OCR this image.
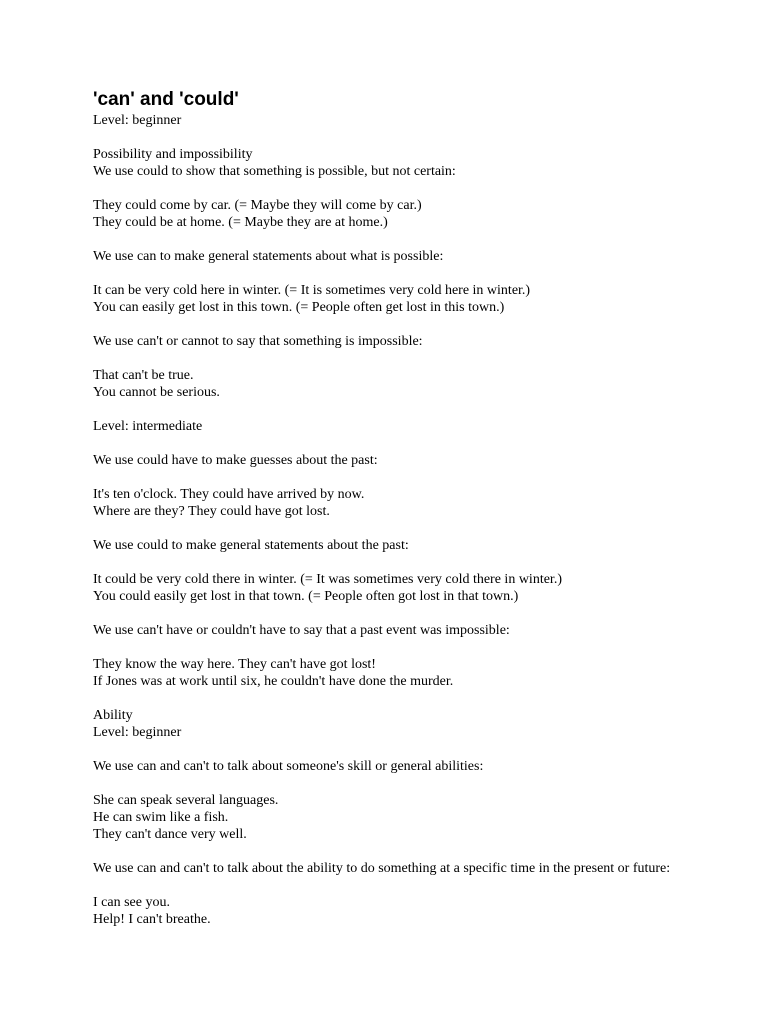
'can' and 'could'
Level: beginner
Possibility and impossibility
We use could to show that something is possible, but not certain:
They could come by car. (= Maybe they will come by car.)
They could be at home. (= Maybe they are at home.)
We use can to make general statements about what is possible:
It can be very cold here in winter. (= It is sometimes very cold here in winter.)
You can easily get lost in this town. (= People often get lost in this town.)
We use can't or cannot to say that something is impossible:
That can't be true.
You cannot be serious.
Level: intermediate
We use could have to make guesses about the past:
It's ten o'clock. They could have arrived by now.
Where are they? They could have got lost.
We use could to make general statements about the past:
It could be very cold there in winter. (= It was sometimes very cold there in winter.)
You could easily get lost in that town. (= People often got lost in that town.)
We use can't have or couldn't have to say that a past event was impossible:
They know the way here. They can't have got lost!
If Jones was at work until six, he couldn't have done the murder.
Ability
Level: beginner
We use can and can't to talk about someone's skill or general abilities:
She can speak several languages.
He can swim like a fish.
They can't dance very well.
We use can and can't to talk about the ability to do something at a specific time in the present or future:
I can see you.
Help! I can't breathe.
